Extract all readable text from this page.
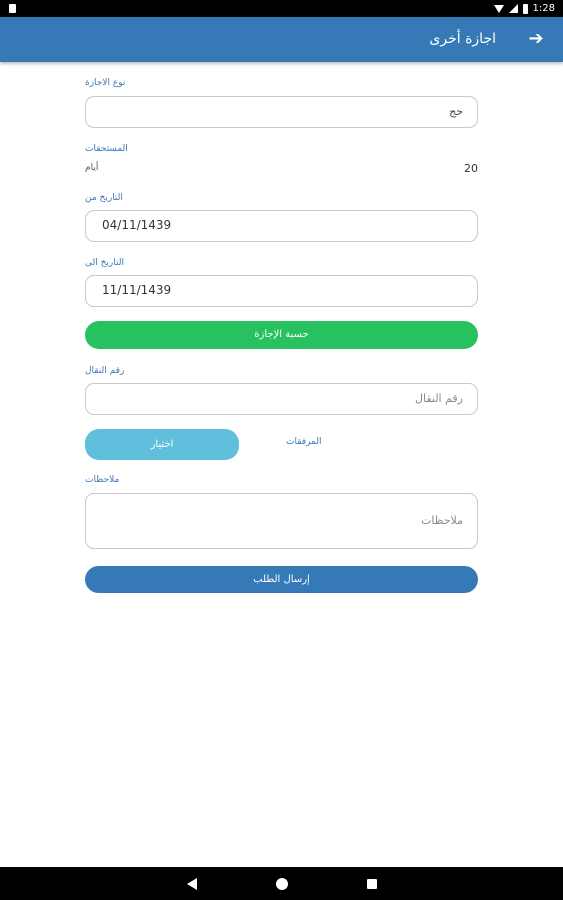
1:28
➔
اجازة أخرى
نوع الاجازة
حج
المستحقات
أيام	20
التاريخ من
04/11/1439
التاريخ الى
11/11/1439
حسبة الإجازة
رقم النقال
رقم النقال
اختيار	المرفقات
ملاحظات
ملاحظات
إرسال الطلب
